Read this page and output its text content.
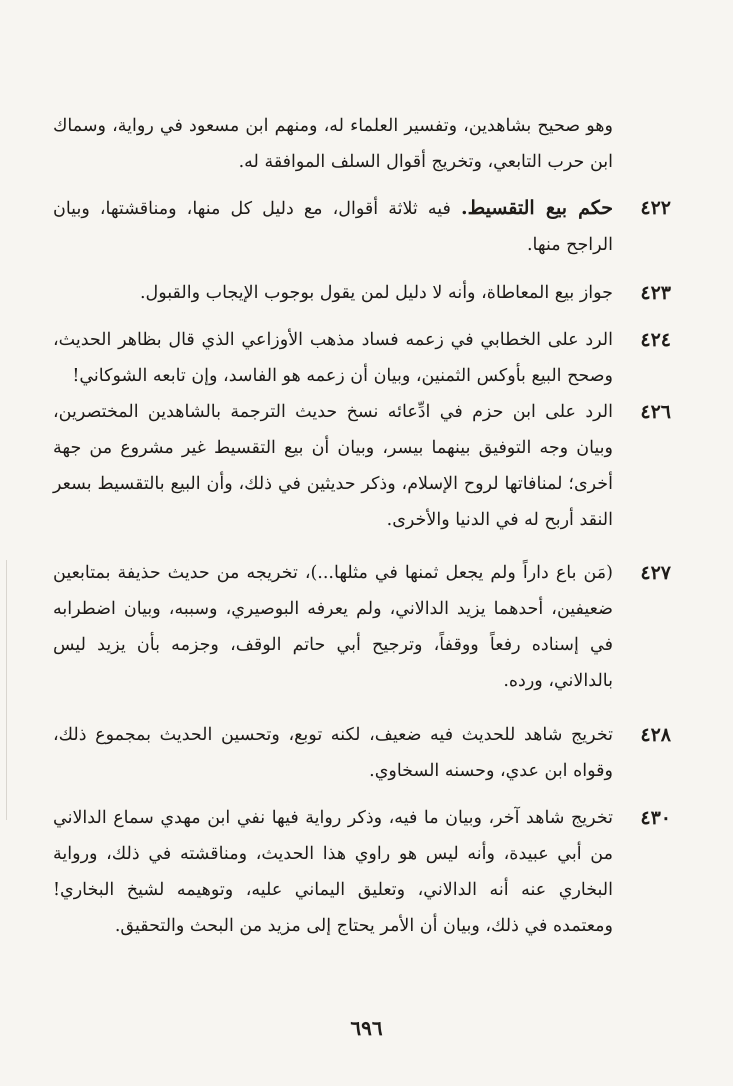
وهو صحيح بشاهدين، وتفسير العلماء له، ومنهم ابن مسعود في رواية، وسماك ابن حرب التابعي، وتخريج أقوال السلف الموافقة له.
٤٢٢
حكم بيع التقسيط. فيه ثلاثة أقوال، مع دليل كل منها، ومناقشتها، وبيان الراجح منها.
٤٢٣
جواز بيع المعاطاة، وأنه لا دليل لمن يقول بوجوب الإيجاب والقبول.
٤٢٤
الرد على الخطابي في زعمه فساد مذهب الأوزاعي الذي قال بظاهر الحديث، وصحح البيع بأوكس الثمنين، وبيان أن زعمه هو الفاسد، وإن تابعه الشوكاني!
٤٢٦
الرد على ابن حزم في ادِّعائه نسخ حديث الترجمة بالشاهدين المختصرين، وبيان وجه التوفيق بينهما بيسر، وبيان أن بيع التقسيط غير مشروع من جهة أخرى؛ لمنافاتها لروح الإسلام، وذكر حديثين في ذلك، وأن البيع بالتقسيط بسعر النقد أربح له في الدنيا والأخرى.
٤٢٧
(مَن باع داراً ولم يجعل ثمنها في مثلها...)، تخريجه من حديث حذيفة بمتابعين ضعيفين، أحدهما يزيد الدالاني، ولم يعرفه البوصيري، وسببه، وبيان اضطرابه في إسناده رفعاً ووقفاً، وترجيح أبي حاتم الوقف، وجزمه بأن يزيد ليس بالدالاني، ورده.
٤٢٨
تخريج شاهد للحديث فيه ضعيف، لكنه توبع، وتحسين الحديث بمجموع ذلك، وقواه ابن عدي، وحسنه السخاوي.
٤٣٠
تخريج شاهد آخر، وبيان ما فيه، وذكر رواية فيها نفي ابن مهدي سماع الدالاني من أبي عبيدة، وأنه ليس هو راوي هذا الحديث، ومناقشته في ذلك، ورواية البخاري عنه أنه الدالاني، وتعليق اليماني عليه، وتوهيمه لشيخ البخاري! ومعتمده في ذلك، وبيان أن الأمر يحتاج إلى مزيد من البحث والتحقيق.
٦٩٦
